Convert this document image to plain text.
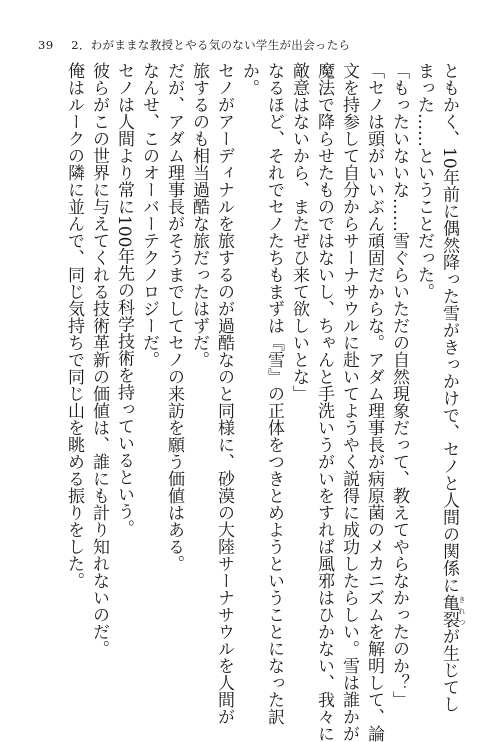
39 2．わがままな教授とやる気のない学生が出会ったら
ともかく、10年前に偶然降った雪がきっかけで、セノと人間の関係に亀裂 きれつが生じてし
まった……ということだった。
「もったいないな……雪ぐらいただの自然現象だって、教えてやらなかったのか？」
「セノは頭がいいぶん頑固だからな。アダム理事長が病原菌のメカニズムを解明して、論
文を持参して自分からサーナサウルに赴いてようやく説得に成功したらしい。雪は誰かが
魔法で降らせたものではないし、ちゃんと手洗いうがいをすれば風邪はひかない、我々に
敵意はないから、またぜひ来て欲しいとな」
なるほど、それでセノたちもまずは『雪』の正体をつきとめようということになった訳
か。
セノがアーディナルを旅するのが過酷なのと同様に、砂漠の大陸サーナサウルを人間が
旅するのも相当過酷な旅だったはずだ。
だが、アダム理事長がそうまでしてセノの来訪を願う価値はある。
なんせ、このオーバーテクノロジーだ。
セノは人間より常に100年先の科学技術を持っているという。
彼らがこの世界に与えてくれる技術革新の価値は、誰にも計り知れないのだ。
俺はルークの隣に並んで、同じ気持ちで同じ山を眺める振りをした。
